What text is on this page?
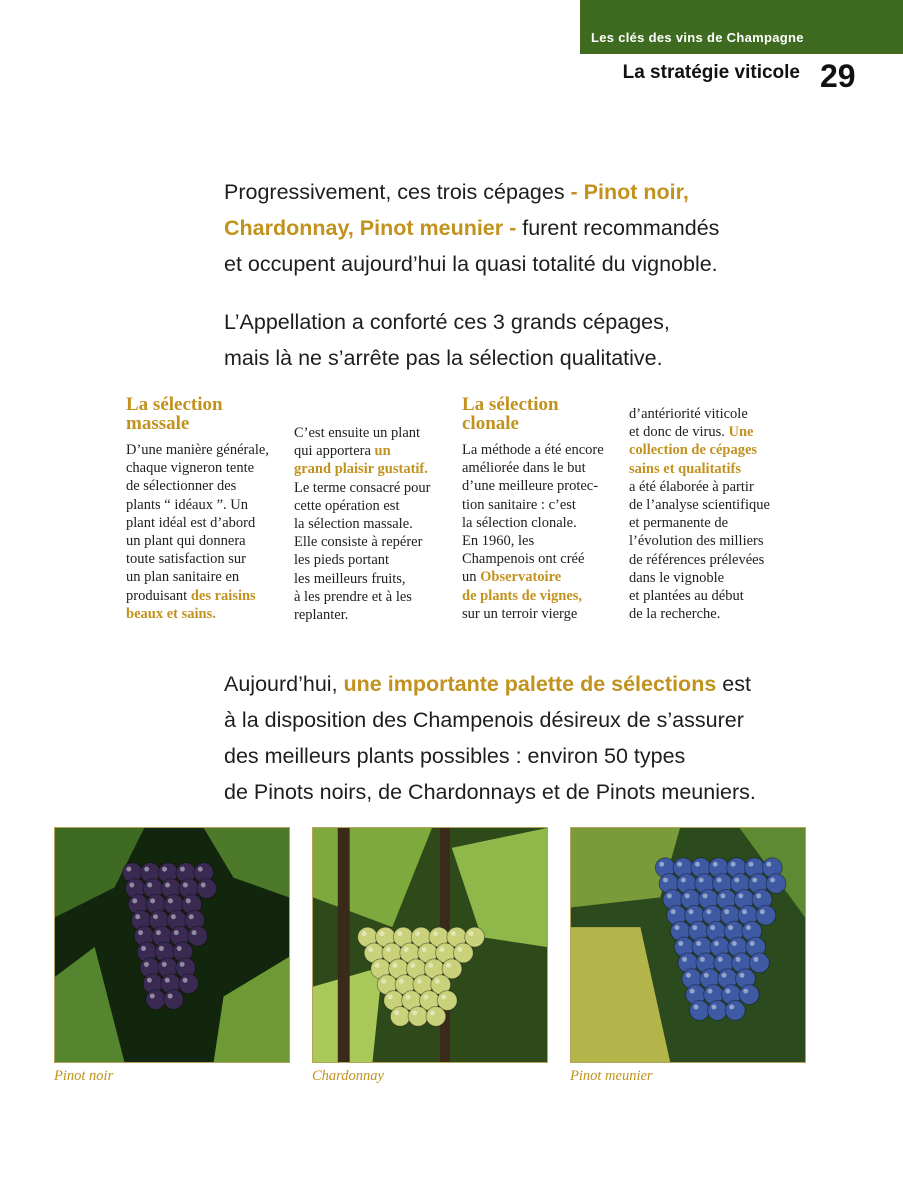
Les clés des vins de Champagne
La stratégie viticole 29
Progressivement, ces trois cépages - Pinot noir,
Chardonnay, Pinot meunier - furent recommandés
et occupent aujourd’hui la quasi totalité du vignoble.
L’Appellation a conforté ces 3 grands cépages,
mais là ne s’arrête pas la sélection qualitative.
La sélection
massale
D’une manière générale,
chaque vigneron tente
de sélectionner des
plants “ idéaux ”. Un
plant idéal est d’abord
un plant qui donnera
toute satisfaction sur
un plan sanitaire en
produisant des raisins
beaux et sains.
C’est ensuite un plant
qui apportera un
grand plaisir gustatif.
Le terme consacré pour
cette opération est
la sélection massale.
Elle consiste à repérer
les pieds portant
les meilleurs fruits,
à les prendre et à les
replanter.
La sélection
clonale
La méthode a été encore
améliorée dans le but
d’une meilleure protec-
tion sanitaire : c’est
la sélection clonale.
En 1960, les
Champenois ont créé
un Observatoire
de plants de vignes,
sur un terroir vierge
d’antériorité viticole
et donc de virus. Une
collection de cépages
sains et qualitatifs
a été élaborée à partir
de l’analyse scientifique
et permanente de
l’évolution des milliers
de références prélevées
dans le vignoble
et plantées au début
de la recherche.
Aujourd’hui, une importante palette de sélections est
à la disposition des Champenois désireux de s’assurer
des meilleurs plants possibles : environ 50 types
de Pinots noirs, de Chardonnays et de Pinots meuniers.
Pinot noir	Chardonnay	Pinot meunier
